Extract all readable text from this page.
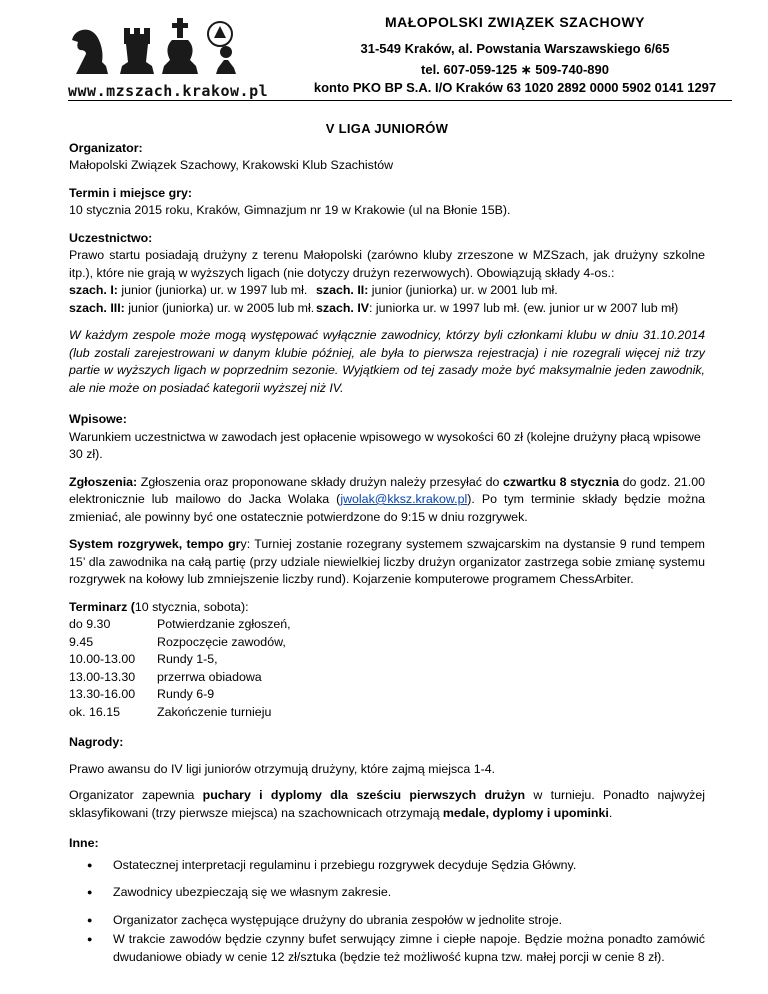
www.mzszach.krakow.pl
MAŁOPOLSKI ZWIĄZEK SZACHOWY
31-549 Kraków, al. Powstania Warszawskiego 6/65
tel. 607-059-125 ∗ 509-740-890
konto PKO BP S.A. I/O Kraków 63 1020 2892 0000 5902 0141 1297
V LIGA JUNIORÓW

Organizator:

Małopolski Związek Szachowy, Krakowski Klub Szachistów

Termin i miejsce gry:

10 stycznia 2015 roku, Kraków, Gimnazjum nr 19 w Krakowie (ul na Błonie 15B).

Uczestnictwo:

Prawo startu posiadają drużyny z terenu Małopolski (zarówno kluby zrzeszone w MZSzach, jak drużyny szkolne itp.), które nie grają w wyższych ligach (nie dotyczy drużyn rezerwowych). Obowiązują składy 4-os.:

szach. I: junior (juniorka) ur. w 1997 lub mł. szach. II: junior (juniorka) ur. w 2001 lub mł.
szach. III: junior (juniorka) ur. w 2005 lub mł. szach. IV: juniorka ur. w 1997 lub mł. (ew. junior ur w 2007 lub mł)

W każdym zespole może mogą występować wyłącznie zawodnicy, którzy byli członkami klubu w dniu 31.10.2014 (lub zostali zarejestrowani w danym klubie później, ale była to pierwsza rejestracja) i nie rozegrali więcej niż trzy partie w wyższych ligach w poprzednim sezonie. Wyjątkiem od tej zasady może być maksymalnie jeden zawodnik, ale nie może on posiadać kategorii wyższej niż IV.

Wpisowe:

Warunkiem uczestnictwa w zawodach jest opłacenie wpisowego w wysokości 60 zł (kolejne drużyny płacą wpisowe 30 zł).

Zgłoszenia: Zgłoszenia oraz proponowane składy drużyn należy przesyłać do czwartku 8 stycznia do godz. 21.00 elektronicznie lub mailowo do Jacka Wolaka (jwolak@kksz.krakow.pl). Po tym terminie składy będzie można zmieniać, ale powinny być one ostatecznie potwierdzone do 9:15 w dniu rozgrywek.

System rozgrywek, tempo gry: Turniej zostanie rozegrany systemem szwajcarskim na dystansie 9 rund tempem 15’ dla zawodnika na całą partię (przy udziale niewielkiej liczby drużyn organizator zastrzega sobie zmianę systemu rozgrywek na kołowy lub zmniejszenie liczby rund). Kojarzenie komputerowe programem ChessArbiter.

Terminarz (10 stycznia, sobota):

do 9.30	Potwierdzanie zgłoszeń,
9.45	Rozpoczęcie zawodów,
10.00-13.00	Rundy 1-5,
13.00-13.30	przerrwa obiadowa
13.30-16.00	Rundy 6-9
ok. 16.15	Zakończenie turnieju

Nagrody:

Prawo awansu do IV ligi juniorów otrzymują drużyny, które zajmą miejsca 1-4.

Organizator zapewnia puchary i dyplomy dla sześciu pierwszych drużyn w turnieju. Ponadto najwyżej sklasyfikowani (trzy pierwsze miejsca) na szachownicach otrzymają medale, dyplomy i upominki.

Inne:

● Ostatecznej interpretacji regulaminu i przebiegu rozgrywek decyduje Sędzia Główny.
● Zawodnicy ubezpieczają się we własnym zakresie.
● Organizator zachęca występujące drużyny do ubrania zespołów w jednolite stroje.
● W trakcie zawodów będzie czynny bufet serwujący zimne i ciepłe napoje. Będzie można ponadto zamówić dwudaniowe obiady w cenie 12 zł/sztuka (będzie też możliwość kupna tzw. małej porcji w cenie 8 zł).
